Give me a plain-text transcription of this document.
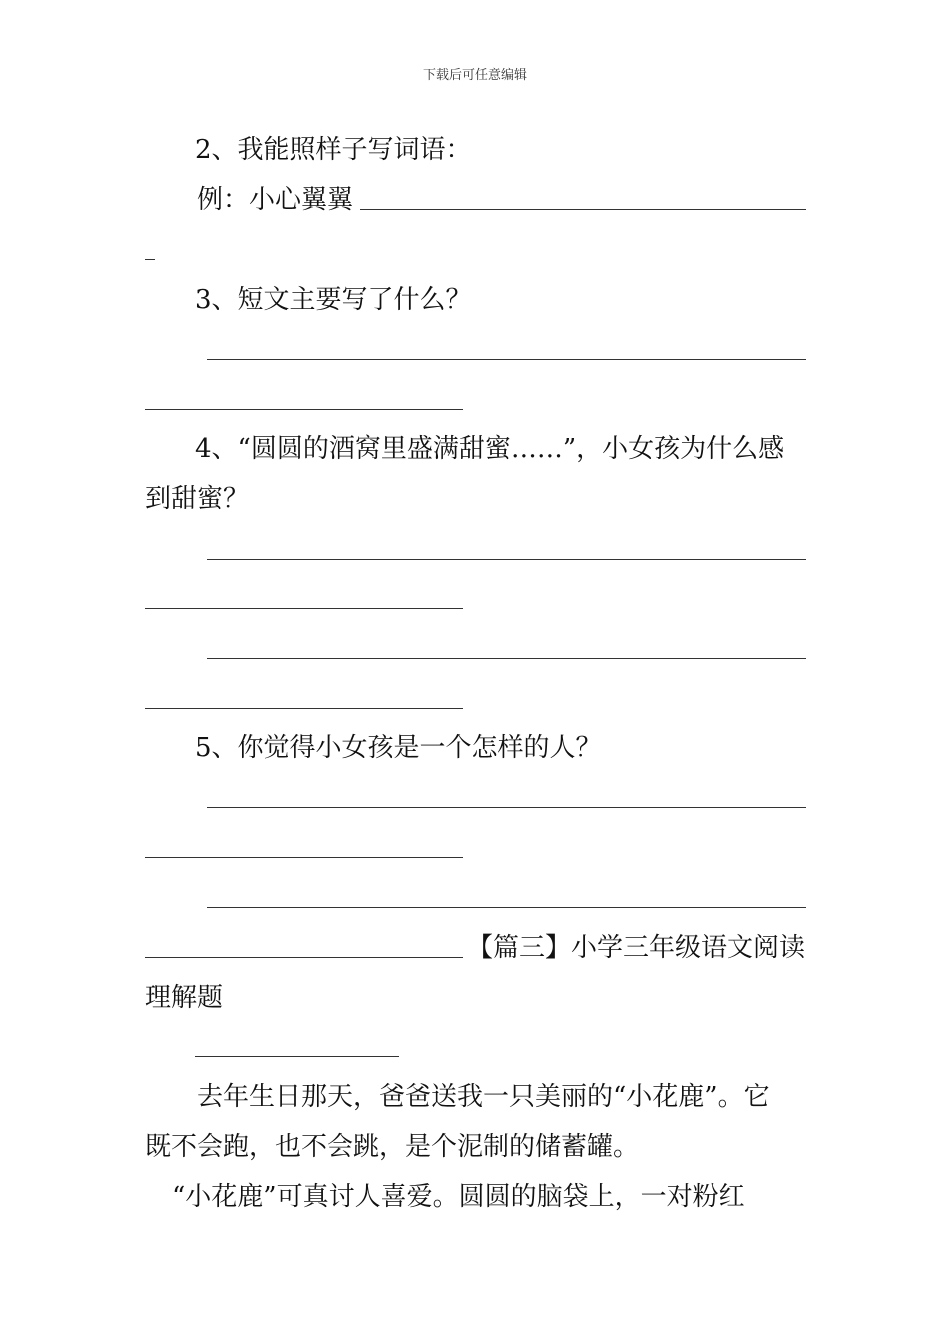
下载后可任意编辑
2、我能照样子写词语：
例：小心翼翼
3、短文主要写了什么？
4、“圆圆的酒窝里盛满甜蜜……”，小女孩为什么感
到甜蜜？
5、你觉得小女孩是一个怎样的人？
【篇三】小学三年级语文阅读
理解题
去年生日那天，爸爸送我一只美丽的“小花鹿”。它
既不会跑，也不会跳，是个泥制的储蓄罐。
“小花鹿”可真讨人喜爱。圆圆的脑袋上，一对粉红
